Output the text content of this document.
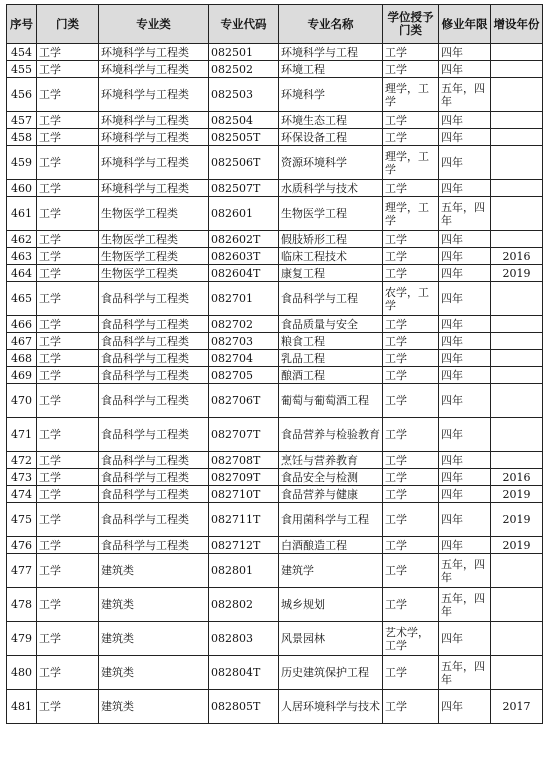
序号	门类	专业类	专业代码	专业名称	学位授予门类	修业年限	增设年份
454	工学	环境科学与工程类	082501	环境科学与工程	工学	四年	
455	工学	环境科学与工程类	082502	环境工程	工学	四年	
456	工学	环境科学与工程类	082503	环境科学	理学，工学	五年，四年	
457	工学	环境科学与工程类	082504	环境生态工程	工学	四年	
458	工学	环境科学与工程类	082505T	环保设备工程	工学	四年	
459	工学	环境科学与工程类	082506T	资源环境科学	理学，工学	四年	
460	工学	环境科学与工程类	082507T	水质科学与技术	工学	四年	
461	工学	生物医学工程类	082601	生物医学工程	理学，工学	五年，四年	
462	工学	生物医学工程类	082602T	假肢矫形工程	工学	四年	
463	工学	生物医学工程类	082603T	临床工程技术	工学	四年	2016
464	工学	生物医学工程类	082604T	康复工程	工学	四年	2019
465	工学	食品科学与工程类	082701	食品科学与工程	农学，工学	四年	
466	工学	食品科学与工程类	082702	食品质量与安全	工学	四年	
467	工学	食品科学与工程类	082703	粮食工程	工学	四年	
468	工学	食品科学与工程类	082704	乳品工程	工学	四年	
469	工学	食品科学与工程类	082705	酿酒工程	工学	四年	
470	工学	食品科学与工程类	082706T	葡萄与葡萄酒工程	工学	四年	
471	工学	食品科学与工程类	082707T	食品营养与检验教育	工学	四年	
472	工学	食品科学与工程类	082708T	烹饪与营养教育	工学	四年	
473	工学	食品科学与工程类	082709T	食品安全与检测	工学	四年	2016
474	工学	食品科学与工程类	082710T	食品营养与健康	工学	四年	2019
475	工学	食品科学与工程类	082711T	食用菌科学与工程	工学	四年	2019
476	工学	食品科学与工程类	082712T	白酒酿造工程	工学	四年	2019
477	工学	建筑类	082801	建筑学	工学	五年，四年	
478	工学	建筑类	082802	城乡规划	工学	五年，四年	
479	工学	建筑类	082803	风景园林	艺术学，工学	四年	
480	工学	建筑类	082804T	历史建筑保护工程	工学	五年，四年	
481	工学	建筑类	082805T	人居环境科学与技术	工学	四年	2017
